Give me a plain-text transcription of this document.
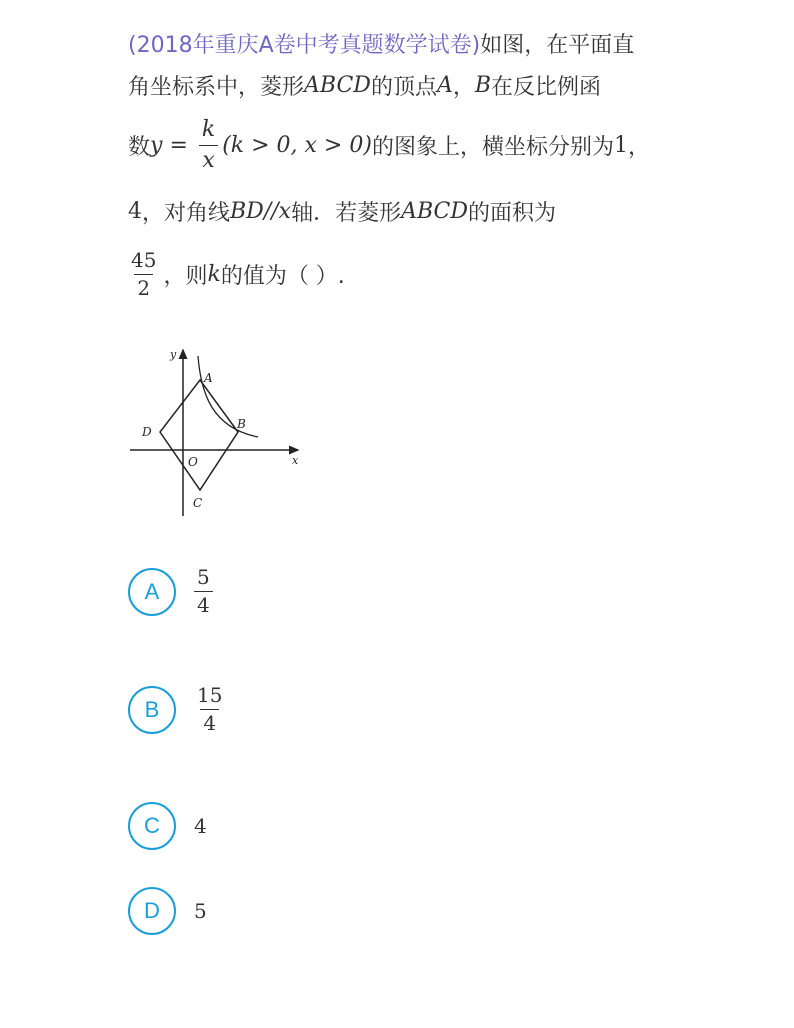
(2018年重庆A卷中考真题数学试卷) 如图，在平面直
角坐标系中，菱形 ABCD 的顶点 A ， B 在反比例函
数 $y = \frac{k}{x} (k > 0$, x > 0) 的图象上，横坐标分别为 1 ，
4 ，对角线 BD//x 轴．若菱形 ABCD 的面积为
$\frac{45}{2}$ ，则 k 的值为（ ）.
y
x
O
A
B
C
D
A	$\frac{5}{4}$
B	$\frac{15}{4}$
C	4
D	5
